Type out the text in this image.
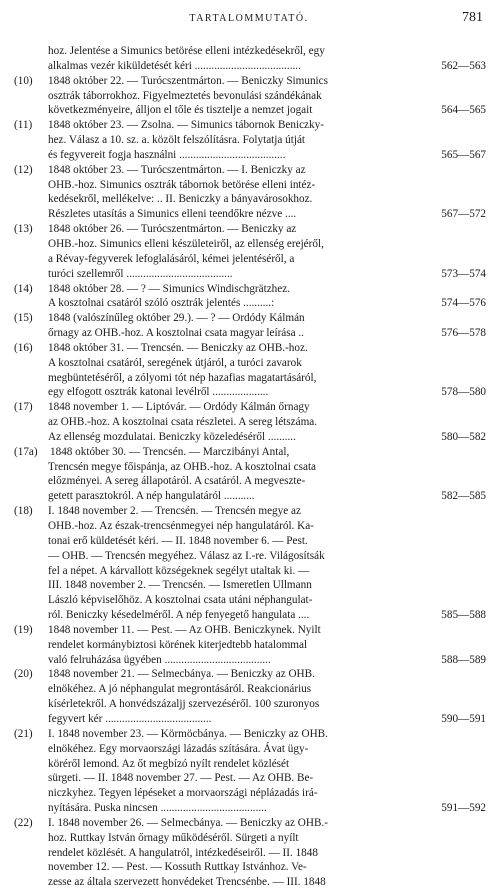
TARTALOMMUTATÓ.	781
hoz. Jelentése a Simunics betörése elleni intézkedésekről, egy
alkalmas vezér kiküldetését kéri ......................................	562—563
(10) 1848 október 22. — Turócszentmárton. — Beniczky Simunics
osztrák táborrokhoz. Figyelmeztetés bevonulási szándékának
következményeire, álljon el tőle és tisztelje a nemzet jogait	564—565
(11) 1848 október 23. — Zsolna. — Simunics tábornok Beniczky-
hez. Válasz a 10. sz. a. közölt felszólításra. Folytatja útját
és fegyvereit fogja használni ......................................	565—567
(12) 1848 október 23. — Turócszentmárton. — I. Beniczky az
OHB.-hoz. Simunics osztrák tábornok betörése elleni intéz-
kedésekről, mellékelve: .. II. Beniczky a bányavárosokhoz.
Részletes utasítás a Simunics elleni teendőkre nézve ....	567—572
(13) 1848 október 26. — Turócszentmárton. — Beniczky az
OHB.-hoz. Simunics elleni készületeiről, az ellenség erejéről,
a Révay-fegyverek lefoglalásáról, kémei jelentéséről, a
turóci szellemről ......................................	573—574
(14) 1848 október 28. — ? — Simunics Windischgrätzhez.
A kosztolnai csatáról szóló osztrák jelentés ..........:	574—576
(15) 1848 (valószínűleg október 29.). — ? — Ordódy Kálmán
őrnagy az OHB.-hoz. A kosztolnai csata magyar leírása ..	576—578
(16) 1848 október 31. — Trencsén. — Beniczky az OHB.-hoz.
A kosztolnai csatáról, seregének útjáról, a turóci zavarok
megbüntetéséről, a zólyomi tót nép hazafias magatartásáról,
egy elfogott osztrák katonai levélről ....................	578—580
(17) 1848 november 1. — Liptóvár. — Ordódy Kálmán őrnagy
az OHB.-hoz. A kosztolnai csata részletei. A sereg létszáma.
Az ellenség mozdulatai. Beniczky közeledéséről ..........	580—582
(17a) 1848 október 30. — Trencsén. — Marczibányi Antal,
Trencsén megye főispánja, az OHB.-hoz. A kosztolnai csata
előzményei. A sereg állapotáról. A csatáról. A megveszte-
getett parasztokról. A nép hangulatáról ...........	582—585
(18) I. 1848 november 2. — Trencsén. — Trencsén megye az
OHB.-hoz. Az észak-trencsénmegyei nép hangulatáról. Ka-
tonai erő küldetését kéri. — II. 1848 november 6. — Pest.
— OHB. — Trencsén megyéhez. Válasz az I.-re. Világosítsák
fel a népet. A kárvallott községeknek segélyt utaltak ki. —
III. 1848 november 2. — Trencsén. — Ismeretlen Ullmann
László képviselőhöz. A kosztolnai csata utáni néphangulat-
ról. Beniczky késedelméről. A nép fenyegető hangulata ....	585—588
(19) 1848 november 11. — Pest. — Az OHB. Beniczkynek. Nyilt
rendelet kormánybiztosi körének kiterjedtebb hatalommal
való felruházása ügyében ......................................	588—589
(20) 1848 november 21. — Selmecbánya. — Beniczky az OHB.
elnökéhez. A jó néphangulat megrontásáról. Reakcionárius
kísérletekről. A honvédszázaljj szervezéséről. 100 szuronyos
fegyvert kér ......................................	590—591
(21) I. 1848 november 23. — Körmöcbánya. — Beniczky az OHB.
elnökéhez. Egy morvaországi lázadás szítására. Ávat ügy-
köréről lemond. Az őt megbízó nyílt rendelet közlését
sürgeti. — II. 1848 november 27. — Pest. — Az OHB. Be-
niczkyhez. Tegyen lépéseket a morvaországi néplázadás irá-
nyítására. Puska nincsen ......................................	591—592
(22) I. 1848 november 26. — Selmecbánya. — Beniczky az OHB.-
hoz. Ruttkay István őrnagy működéséről. Sürgeti a nyílt
rendelet közlését. A hangulatról, intézkedéseiről. — II. 1848
november 12. — Pest. — Kossuth Ruttkay Istvánhoz. Ve-
zesse az általa szervezett honvédeket Trencsénbe. — III. 1848
